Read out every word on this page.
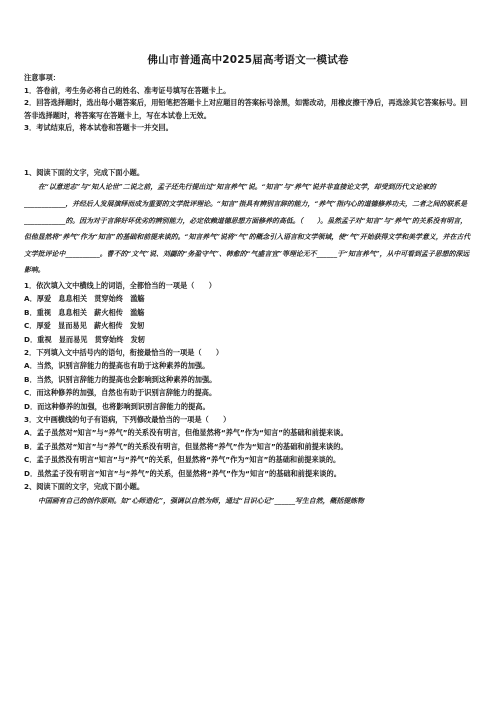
佛山市普通高中2025届高考语文一模试卷

注意事项：

1．答卷前，考生务必将自己的姓名、准考证号填写在答题卡上。

2．回答选择题时，选出每小题答案后，用铅笔把答题卡上对应题目的答案标号涂黑，如需改动，用橡皮擦干净后，再选涂其它答案标号。回答非选择题时，将答案写在答题卡上，写在本试卷上无效。

3．考试结束后，将本试卷和答题卡一并交回。

1、阅读下面的文字，完成下面小题。

在“以意逆志”与“知人论世”二说之前，孟子还先行提出过“知言养气”说。“知言”与“养气”说并非直接论文学，却受到历代文论家的____________，并经后人发展演绎而成为重要的文学批评理论。“知言”指具有辨别言辞的能力，“养气”指内心的道德修养功夫，二者之间的联系是____________的。因为对于言辞好坏优劣的辨别能力，必定依赖道德思想方面修养的高低。（　　）。虽然孟子对“知言”与“养气”的关系没有明言，但他显然将“养气”作为“知言”的基础和前提来谈的。“知言养气”说将“气”的概念引入语言和文学领域，使“气”开始获得文学和美学意义，并在古代文学批评论中__________。曹不的“文气”说、刘勰的“务盈守气”、韩愈的“气盛言宜”等理论无不______于“知言养气”，从中可看到孟子思想的深远影响。

1．依次填入文中横线上的词语，全都恰当的一项是（　　）

A．厚爱　息息相关　贯穿始终　滥觞

B．重视　息息相关　薪火相传　滥觞

C．厚爱　显而易见　薪火相传　发轫

D．重视　显而易见　贯穿始终　发轫

2．下列填入文中括号内的语句，衔接最恰当的一项是（　　）

A．当然，识别言辞能力的提高也有助于这种素养的加强。

B．当然，识别言辞能力的提高也会影响到这种素养的加强。

C．而这种修养的加强，自然也有助于识别言辞能力的提高。

D．而这种修养的加强，也将影响到识别言辞能力的提高。

3．文中画横线的句子有语病，下列修改最恰当的一项是（　　）

A．孟子虽然对“知言”与“养气”的关系没有明言，但他显然将“养气”作为“知言”的基础和前提来谈。

B．孟子虽然对“知言”与“养气”的关系没有明言，但显然将“养气”作为“知言”的基础和前提来谈的。

C．孟子虽然没有明言“知言”与“养气”的关系，但显然将“养气”作为“知言”的基础和前提来谈的。

D．虽然孟子没有明言“知言”与“养气”的关系，但显然将“养气”作为“知言”的基础和前提来谈的。

2、阅读下面的文字，完成下面小题。

中国画有自己的创作原则。如“心师造化”，强调以自然为师，通过“目识心记”______写生自然，概括提炼物
